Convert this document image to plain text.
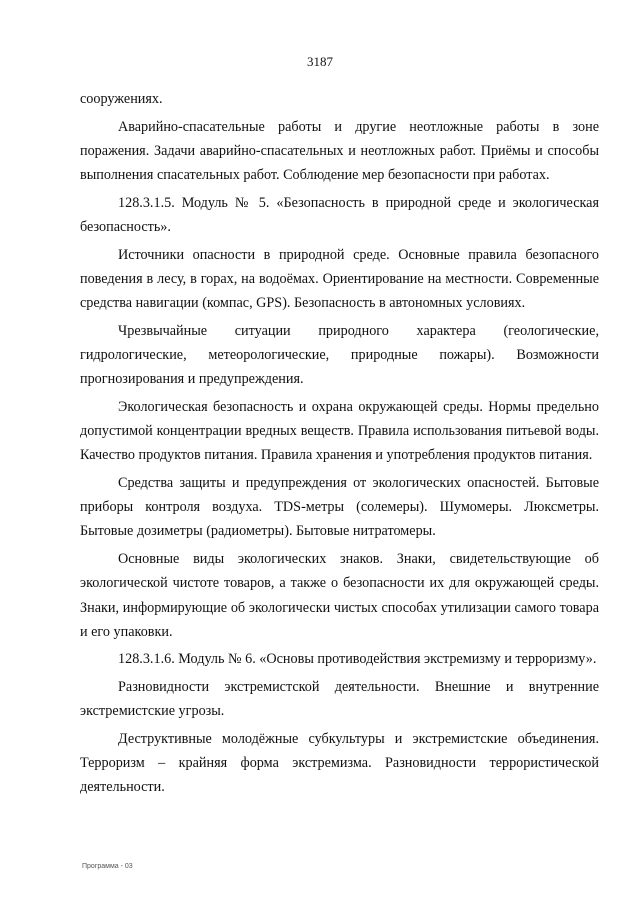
3187

сооружениях.

Аварийно-спасательные работы и другие неотложные работы в зоне поражения. Задачи аварийно-спасательных и неотложных работ. Приёмы и способы выполнения спасательных работ. Соблюдение мер безопасности при работах.

128.3.1.5. Модуль № 5. «Безопасность в природной среде и экологическая безопасность».

Источники опасности в природной среде. Основные правила безопасного поведения в лесу, в горах, на водоёмах. Ориентирование на местности. Современные средства навигации (компас, GPS). Безопасность в автономных условиях.

Чрезвычайные ситуации природного характера (геологические, гидрологические, метеорологические, природные пожары). Возможности прогнозирования и предупреждения.

Экологическая безопасность и охрана окружающей среды. Нормы предельно допустимой концентрации вредных веществ. Правила использования питьевой воды. Качество продуктов питания. Правила хранения и употребления продуктов питания.

Средства защиты и предупреждения от экологических опасностей. Бытовые приборы контроля воздуха. TDS-метры (солемеры). Шумомеры. Люксметры. Бытовые дозиметры (радиометры). Бытовые нитратомеры.

Основные виды экологических знаков. Знаки, свидетельствующие об экологической чистоте товаров, а также о безопасности их для окружающей среды. Знаки, информирующие об экологически чистых способах утилизации самого товара и его упаковки.

128.3.1.6. Модуль № 6. «Основы противодействия экстремизму и терроризму».

Разновидности экстремистской деятельности. Внешние и внутренние экстремистские угрозы.

Деструктивные молодёжные субкультуры и экстремистские объединения. Терроризм – крайняя форма экстремизма. Разновидности террористической деятельности.

Программа - 03
